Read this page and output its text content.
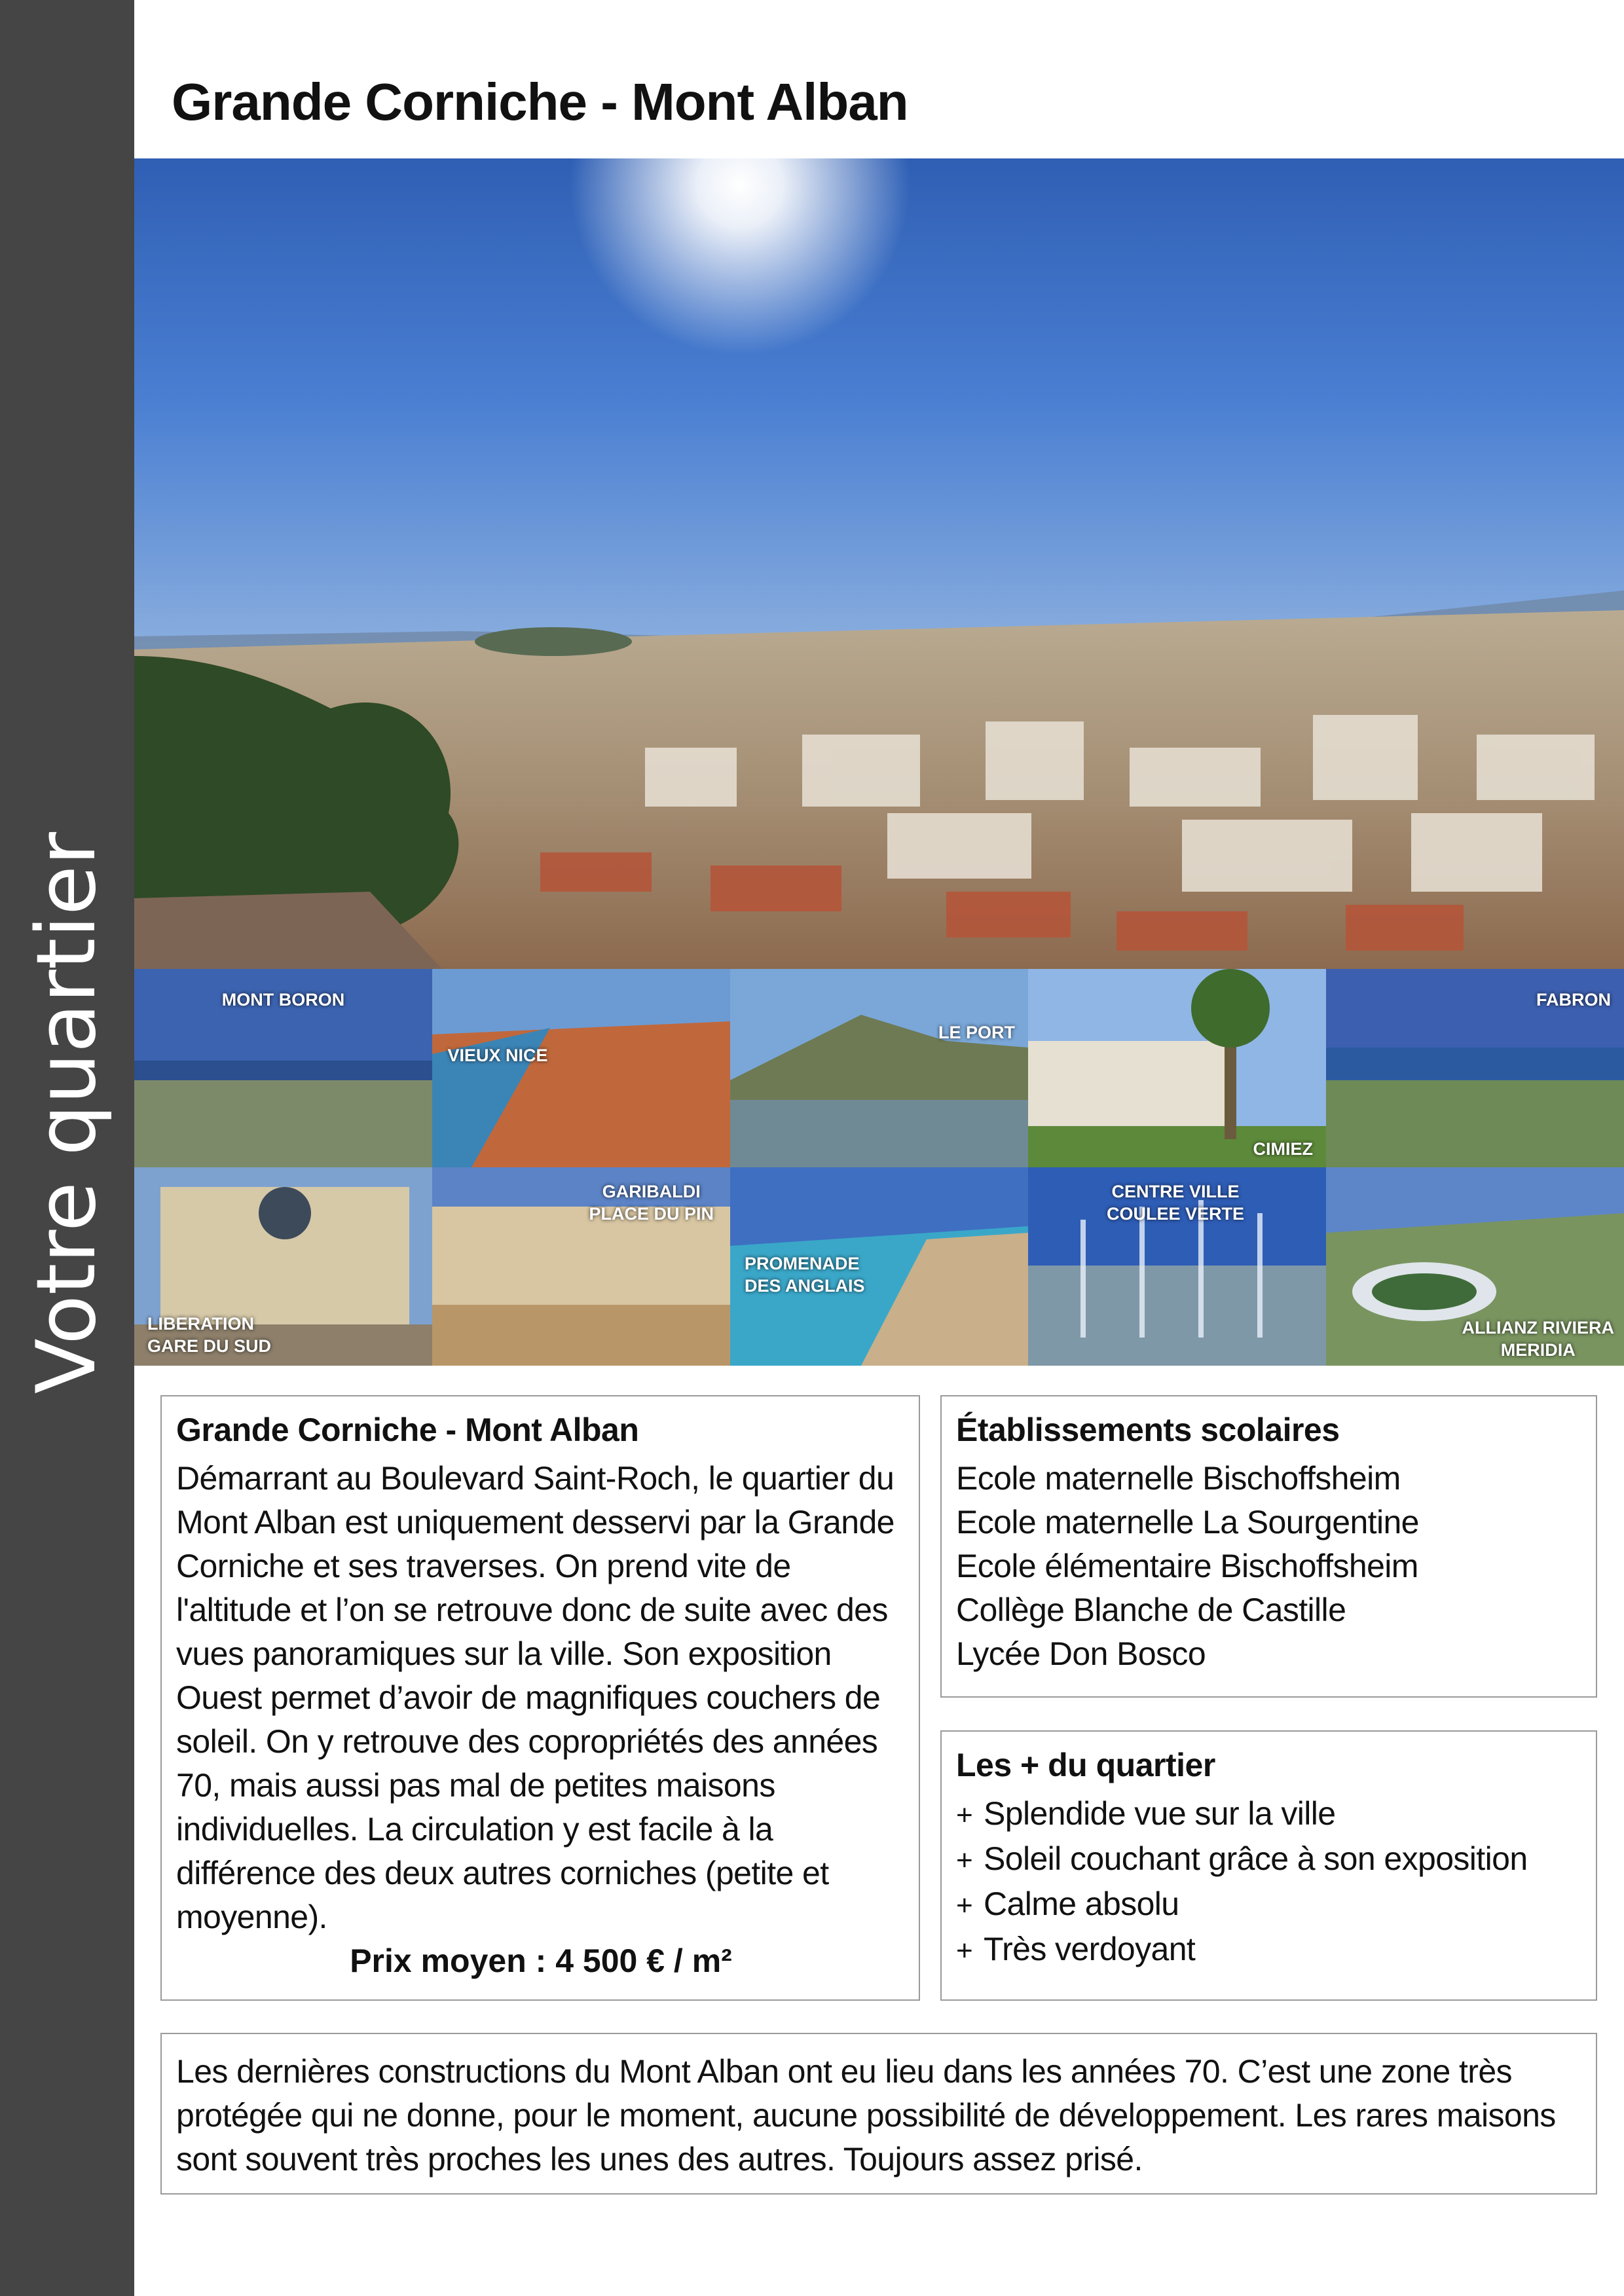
Votre quartier
Grande Corniche - Mont Alban
MONT BORON
VIEUX NICE
LE PORT
CIMIEZ
FABRON
LIBERATION
GARE DU SUD
GARIBALDI
PLACE DU PIN
PROMENADE
DES ANGLAIS
CENTRE VILLE
COULEE VERTE
ALLIANZ RIVIERA
MERIDIA
Grande Corniche - Mont Alban

Démarrant au Boulevard Saint-Roch, le quartier du Mont Alban est uniquement desservi par la Grande Corniche et ses traverses. On prend vite de l'altitude et l’on se retrouve donc de suite avec des vues panoramiques sur la ville. Son exposition Ouest permet d’avoir de magnifiques couchers de soleil. On y retrouve des copropriétés des années 70, mais aussi pas mal de petites maisons individuelles. La circulation y est facile à la différence des deux autres corniches (petite et moyenne).

Prix moyen : 4 500 € / m²
Établissements scolaires
Ecole maternelle Bischoffsheim
Ecole maternelle La Sourgentine
Ecole élémentaire Bischoffsheim
Collège Blanche de Castille
Lycée Don Bosco
Les + du quartier
+ Splendide vue sur la ville
+ Soleil couchant grâce à son exposition
+ Calme absolu
+ Très verdoyant

Les dernières constructions du Mont Alban ont eu lieu dans les années 70. C’est une zone très protégée qui ne donne, pour le moment, aucune possibilité de développement. Les rares maisons sont souvent très proches les unes des autres. Toujours assez prisé.
